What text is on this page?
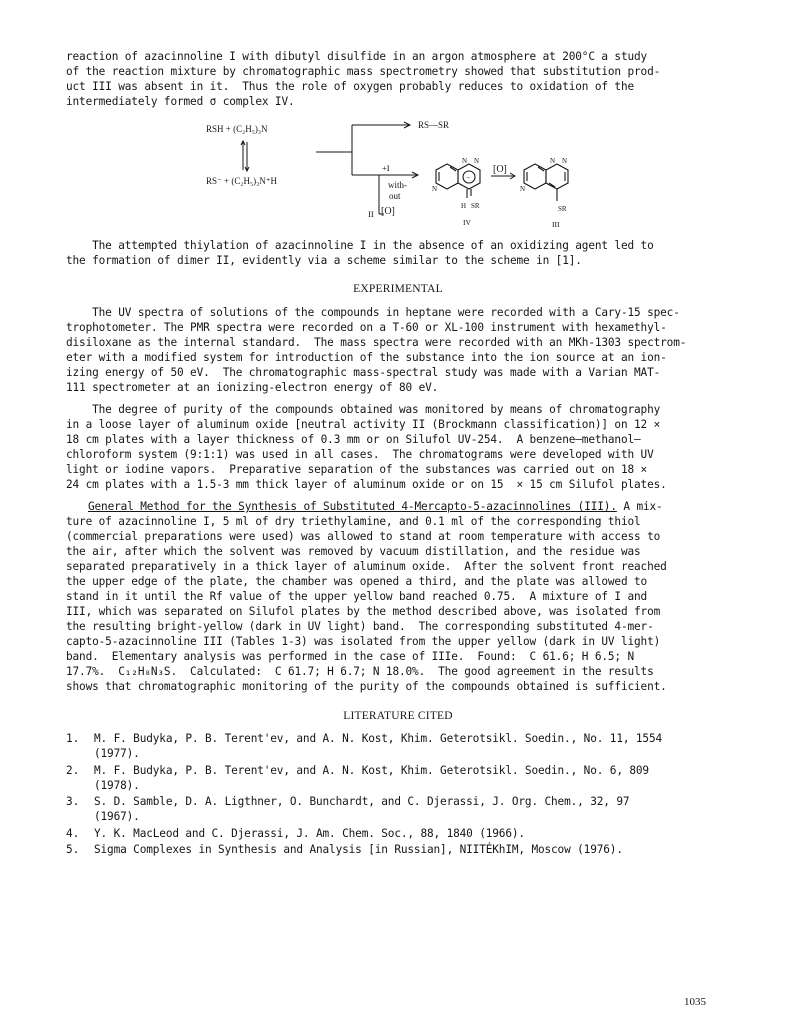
reaction of azacinnoline I with dibutyl disulfide in an argon atmosphere at 200°C a study
of the reaction mixture by chromatographic mass spectrometry showed that substitution prod-
uct III was absent in it.  Thus the role of oxygen probably reduces to oxidation of the
intermediately formed σ complex IV.
RSH + (C₂H₅)₃N
RS⁻ + (C₂H₅)₃N⁺H
RS—SR
+I
with-
out
II [O]
−
N
N N
H SR
IV
[O]
N
N N
SR
III
The attempted thiylation of azacinnoline I in the absence of an oxidizing agent led to
the formation of dimer II, evidently via a scheme similar to the scheme in [1].
EXPERIMENTAL
The UV spectra of solutions of the compounds in heptane were recorded with a Cary-15 spec-
trophotometer. The PMR spectra were recorded on a T-60 or XL-100 instrument with hexamethyl-
disiloxane as the internal standard.  The mass spectra were recorded with an MKh-1303 spectrom-
eter with a modified system for introduction of the substance into the ion source at an ion-
izing energy of 50 eV.  The chromatographic mass-spectral study was made with a Varian MAT-
111 spectrometer at an ionizing-electron energy of 80 eV.
The degree of purity of the compounds obtained was monitored by means of chromatography
in a loose layer of aluminum oxide [neutral activity II (Brockmann classification)] on 12 ×
18 cm plates with a layer thickness of 0.3 mm or on Silufol UV-254.  A benzene—methanol—
chloroform system (9:1:1) was used in all cases.  The chromatograms were developed with UV
light or iodine vapors.  Preparative separation of the substances was carried out on 18 ×
24 cm plates with a 1.5-3 mm thick layer of aluminum oxide or on 15  × 15 cm Silufol plates.
General Method for the Synthesis of Substituted 4-Mercapto-5-azacinnolines (III). A mix-
ture of azacinnoline I, 5 ml of dry triethylamine, and 0.1 ml of the corresponding thiol
(commercial preparations were used) was allowed to stand at room temperature with access to
the air, after which the solvent was removed by vacuum distillation, and the residue was
separated preparatively in a thick layer of aluminum oxide.  After the solvent front reached
the upper edge of the plate, the chamber was opened a third, and the plate was allowed to
stand in it until the Rf value of the upper yellow band reached 0.75.  A mixture of I and
III, which was separated on Silufol plates by the method described above, was isolated from
the resulting bright-yellow (dark in UV light) band.  The corresponding substituted 4-mer-
capto-5-azacinnoline III (Tables 1-3) was isolated from the upper yellow (dark in UV light)
band.  Elementary analysis was performed in the case of IIIe.  Found:  C 61.6; H 6.5; N
17.7%.  C₁₂H₈N₃S.  Calculated:  C 61.7; H 6.7; N 18.0%.  The good agreement in the results
shows that chromatographic monitoring of the purity of the compounds obtained is sufficient.
LITERATURE CITED
1. M. F. Budyka, P. B. Terent'ev, and A. N. Kost, Khim. Geterotsikl. Soedin., No. 11, 1554
(1977).
2. M. F. Budyka, P. B. Terent'ev, and A. N. Kost, Khim. Geterotsikl. Soedin., No. 6, 809
(1978).
3. S. D. Samble, D. A. Ligthner, O. Bunchardt, and C. Djerassi, J. Org. Chem., 32, 97
(1967).
4. Y. K. MacLeod and C. Djerassi, J. Am. Chem. Soc., 88, 1840 (1966).
5. Sigma Complexes in Synthesis and Analysis [in Russian], NIITÉKhIM, Moscow (1976).
1035
